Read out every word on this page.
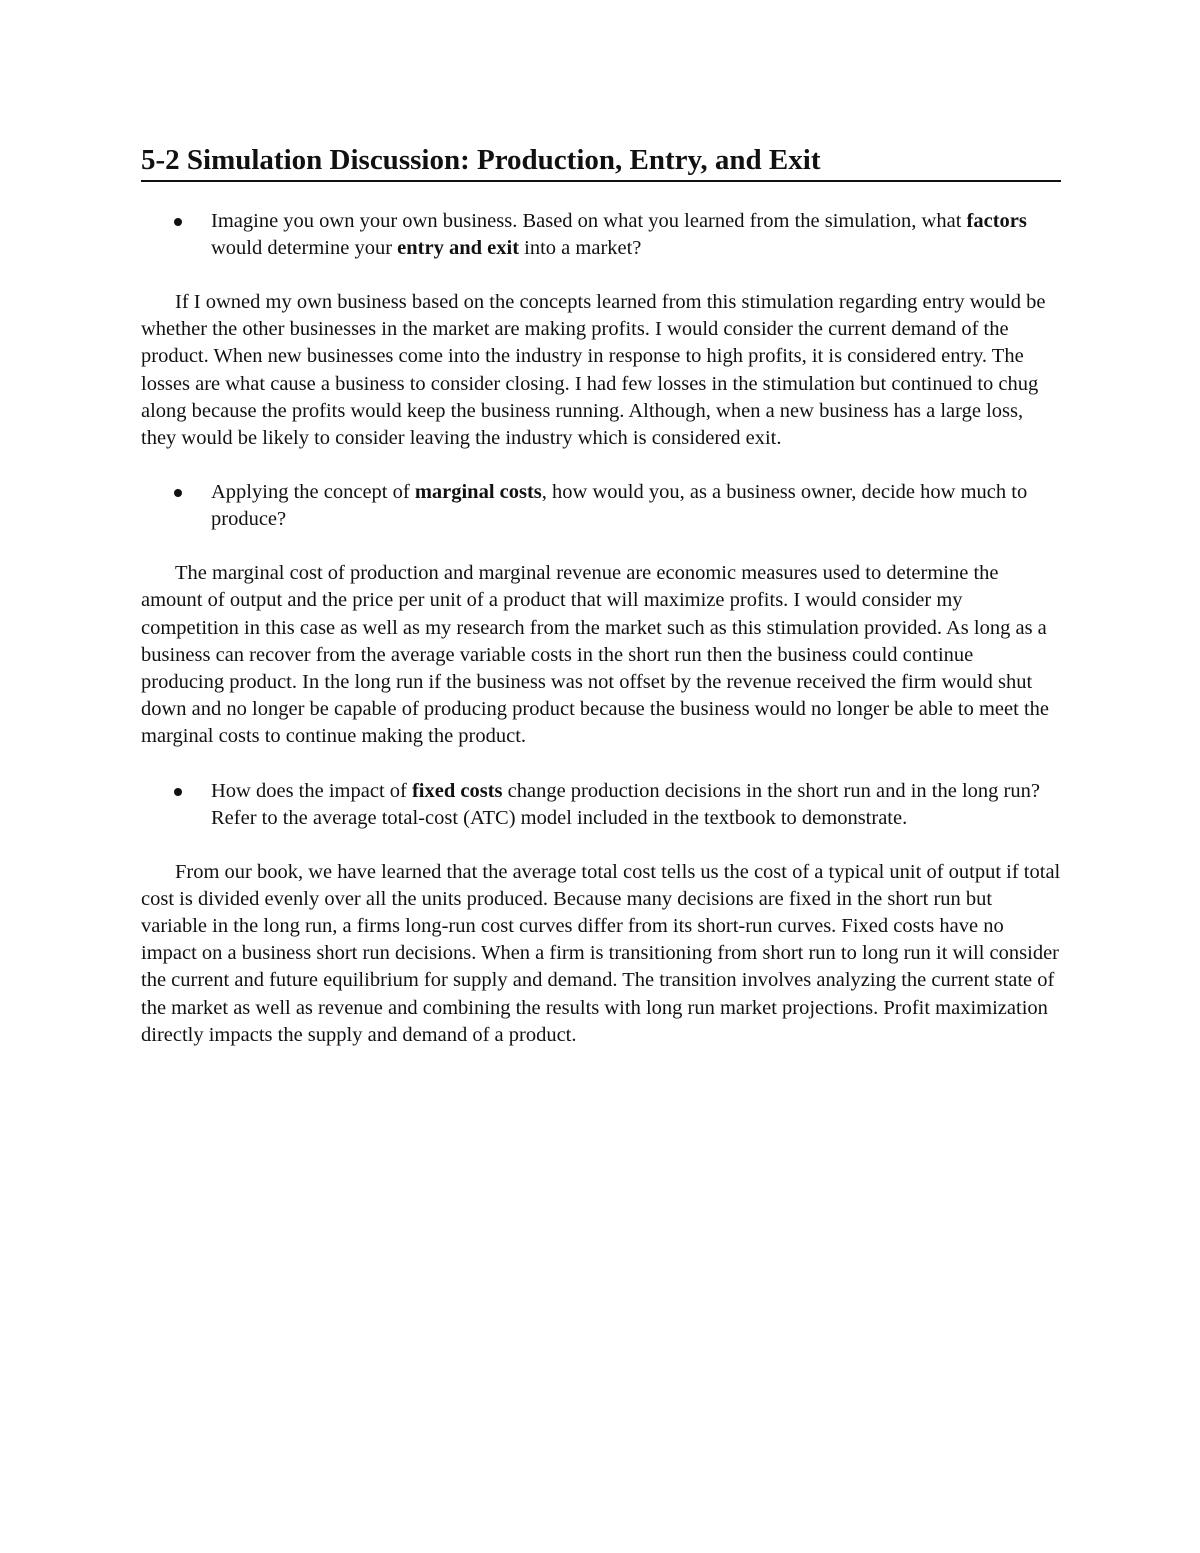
5-2 Simulation Discussion: Production, Entry, and Exit

Imagine you own your own business. Based on what you learned from the simulation, what factors would determine your entry and exit into a market?

If I owned my own business based on the concepts learned from this stimulation regarding entry would be whether the other businesses in the market are making profits. I would consider the current demand of the product. When new businesses come into the industry in response to high profits, it is considered entry. The losses are what cause a business to consider closing. I had few losses in the stimulation but continued to chug along because the profits would keep the business running. Although, when a new business has a large loss, they would be likely to consider leaving the industry which is considered exit.

Applying the concept of marginal costs, how would you, as a business owner, decide how much to produce?

The marginal cost of production and marginal revenue are economic measures used to determine the amount of output and the price per unit of a product that will maximize profits. I would consider my competition in this case as well as my research from the market such as this stimulation provided. As long as a business can recover from the average variable costs in the short run then the business could continue producing product. In the long run if the business was not offset by the revenue received the firm would shut down and no longer be capable of producing product because the business would no longer be able to meet the marginal costs to continue making the product.

How does the impact of fixed costs change production decisions in the short run and in the long run? Refer to the average total-cost (ATC) model included in the textbook to demonstrate.

From our book, we have learned that the average total cost tells us the cost of a typical unit of output if total cost is divided evenly over all the units produced. Because many decisions are fixed in the short run but variable in the long run, a firms long-run cost curves differ from its short-run curves. Fixed costs have no impact on a business short run decisions. When a firm is transitioning from short run to long run it will consider the current and future equilibrium for supply and demand. The transition involves analyzing the current state of the market as well as revenue and combining the results with long run market projections. Profit maximization directly impacts the supply and demand of a product.
